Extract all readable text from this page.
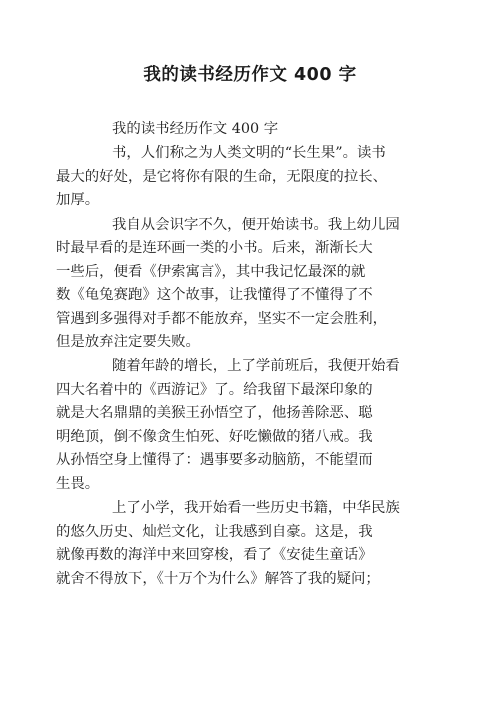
我的读书经历作文 400 字

我的读书经历作文 400 字

书，人们称之为人类文明的“长生果”。读书
最大的好处，是它将你有限的生命，无限度的拉长、
加厚。

我自从会识字不久，便开始读书。我上幼儿园
时最早看的是连环画一类的小书。后来，渐渐长大
一些后，便看《伊索寓言》，其中我记忆最深的就
数《龟兔赛跑》这个故事，让我懂得了不懂得了不
管遇到多强得对手都不能放弃，坚实不一定会胜利，
但是放弃注定要失败。

随着年龄的增长，上了学前班后，我便开始看
四大名着中的《西游记》了。给我留下最深印象的
就是大名鼎鼎的美猴王孙悟空了，他扬善除恶、聪
明绝顶，倒不像贪生怕死、好吃懒做的猪八戒。我
从孙悟空身上懂得了：遇事要多动脑筋，不能望而
生畏。

上了小学，我开始看一些历史书籍，中华民族
的悠久历史、灿烂文化，让我感到自豪。这是，我
就像再数的海洋中来回穿梭，看了《安徒生童话》
就舍不得放下，《十万个为什么》解答了我的疑问；
